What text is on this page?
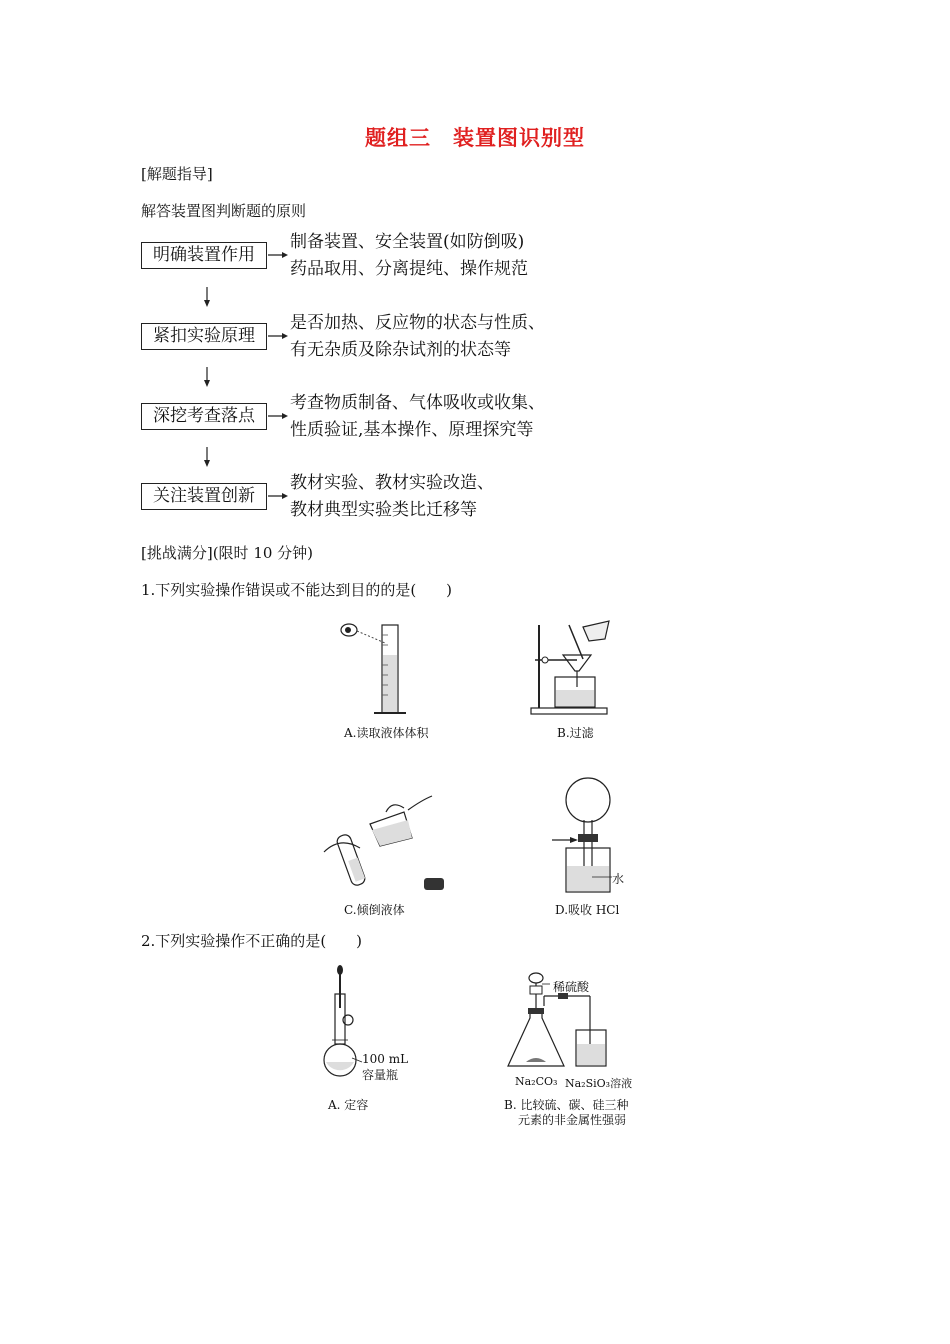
题组三　装置图识别型
[解题指导]
解答装置图判断题的原则
明确装置作用
制备装置、安全装置(如防倒吸)
药品取用、分离提纯、操作规范
紧扣实验原理
是否加热、反应物的状态与性质、
有无杂质及除杂试剂的状态等
深挖考查落点
考查物质制备、气体吸收或收集、
性质验证,基本操作、原理探究等
关注装置创新
教材实验、教材实验改造、
教材典型实验类比迁移等
[挑战满分](限时 10 分钟)
1.下列实验操作错误或不能达到目的的是(　　)
A.读取液体体积	B.过滤
C.倾倒液体
水
D.吸收 HCl
2.下列实验操作不正确的是(　　)
100 mL
容量瓶
A. 定容
稀硫酸
Na₂CO₃ Na₂SiO₃溶液
B. 比较硫、碳、硅三种
元素的非金属性强弱
